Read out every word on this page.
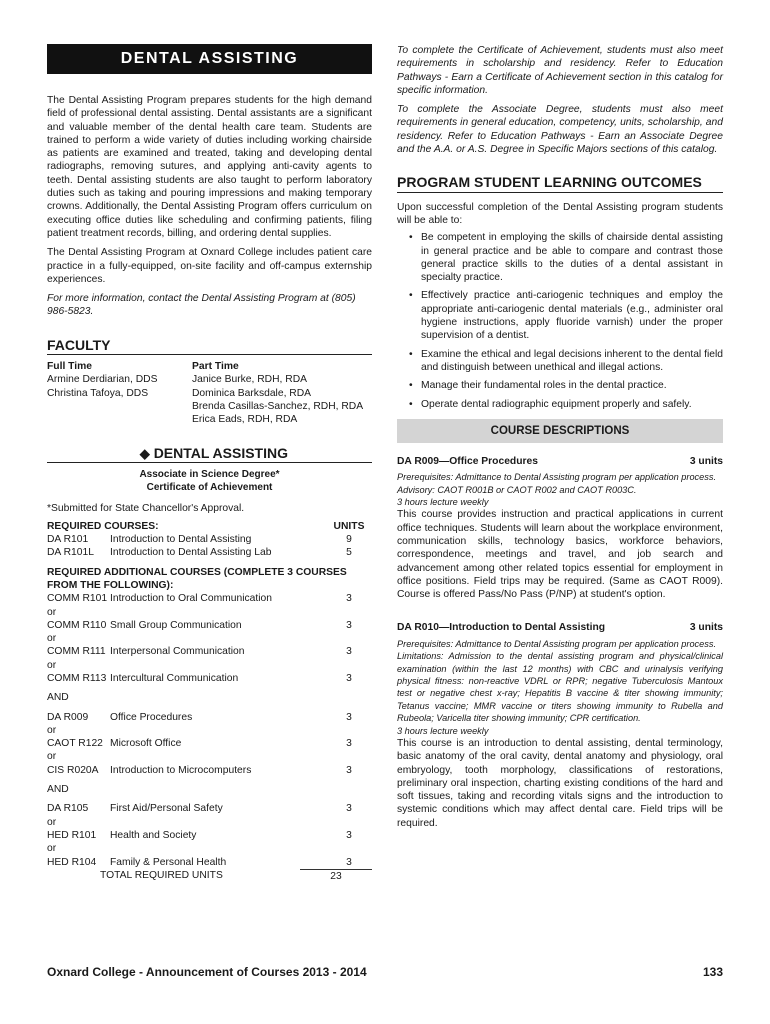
DENTAL ASSISTING

The Dental Assisting Program prepares students for the high demand field of professional dental assisting. Dental assistants are a significant and valuable member of the dental health care team. Students are trained to perform a wide variety of duties including working chairside as patients are examined and treated, taking and developing dental radiographs, removing sutures, and applying anti-cavity agents to teeth. Dental assisting students are also taught to perform laboratory duties such as taking and pouring impressions and making temporary crowns. Additionally, the Dental Assisting Program offers curriculum on executing office duties like scheduling and confirming patients, filing patient treatment records, billing, and ordering dental supplies.

The Dental Assisting Program at Oxnard College includes patient care practice in a fully-equipped, on-site facility and off-campus externship experiences.

For more information, contact the Dental Assisting Program at (805) 986-5823.

FACULTY
Full Time
Armine Derdiarian, DDS
Christina Tafoya, DDS
Part Time
Janice Burke, RDH, RDA
Dominica Barksdale, RDA
Brenda Casillas-Sanchez, RDH, RDA
Erica Eads, RDH, RDA
◆ DENTAL ASSISTING
Associate in Science Degree*
Certificate of Achievement

*Submitted for State Chancellor's Approval.

REQUIRED COURSES:	UNITS
DA R101	Introduction to Dental Assisting	9
DA R101L	Introduction to Dental Assisting Lab	5
REQUIRED ADDITIONAL COURSES (COMPLETE 3 COURSES FROM THE FOLLOWING):
COMM R101 Introduction to Oral Communication	3
or
COMM R110 Small Group Communication	3
or
COMM R111 Interpersonal Communication	3
or
COMM R113 Intercultural Communication	3
AND
DA R009	Office Procedures	3
or
CAOT R122 Microsoft Office	3
or
CIS R020A	Introduction to Microcomputers	3
AND
DA R105	First Aid/Personal Safety	3
or
HED R101	Health and Society	3
or
HED R104	Family & Personal Health	3
TOTAL REQUIRED UNITS	23

To complete the Certificate of Achievement, students must also meet requirements in scholarship and residency. Refer to Education Pathways - Earn a Certificate of Achievement section in this catalog for specific information.

To complete the Associate Degree, students must also meet requirements in general education, competency, units, scholarship, and residency. Refer to Education Pathways - Earn an Associate Degree and the A.A. or A.S. Degree in Specific Majors sections of this catalog.

PROGRAM STUDENT LEARNING OUTCOMES

Upon successful completion of the Dental Assisting program students will be able to:

• Be competent in employing the skills of chairside dental assisting in general practice and be able to compare and contrast those general practice skills to the duties of a dental assistant in specialty practice.
• Effectively practice anti-cariogenic techniques and employ the appropriate anti-cariogenic dental materials (e.g., administer oral hygiene instructions, apply fluoride varnish) under the proper supervision of a dentist.
• Examine the ethical and legal decisions inherent to the dental field and distinguish between unethical and illegal actions.
• Manage their fundamental roles in the dental practice.
• Operate dental radiographic equipment properly and safely.
COURSE DESCRIPTIONS
DA R009—Office Procedures	3 units

Prerequisites: Admittance to Dental Assisting program per application process.
Advisory: CAOT R001B or CAOT R002 and CAOT R003C.
3 hours lecture weekly

This course provides instruction and practical applications in current office techniques. Students will learn about the workplace environment, communication skills, technology basics, workforce behaviors, correspondence, meetings and travel, and job search and advancement among other related topics essential for employment in office positions. Field trips may be required. (Same as CAOT R009). Course is offered Pass/No Pass (P/NP) at student's option.

DA R010—Introduction to Dental Assisting	3 units

Prerequisites: Admittance to Dental Assisting program per application process.
Limitations: Admission to the dental assisting program and physical/clinical examination (within the last 12 months) with CBC and urinalysis verifying physical fitness: non-reactive VDRL or RPR; negative Tuberculosis Mantoux test or negative chest x-ray; Hepatitis B vaccine & titer showing immunity; Tetanus vaccine; MMR vaccine or titers showing immunity to Rubella and Rubeola; Varicella titer showing immunity; CPR certification.
3 hours lecture weekly

This course is an introduction to dental assisting, dental terminology, basic anatomy of the oral cavity, dental anatomy and physiology, oral embryology, tooth morphology, classifications of restorations, preliminary oral inspection, charting existing conditions of the hard and soft tissues, taking and recording vitals signs and the introduction to systemic conditions which may affect dental care. Field trips will be required.

Oxnard College - Announcement of Courses 2013 - 2014	133
